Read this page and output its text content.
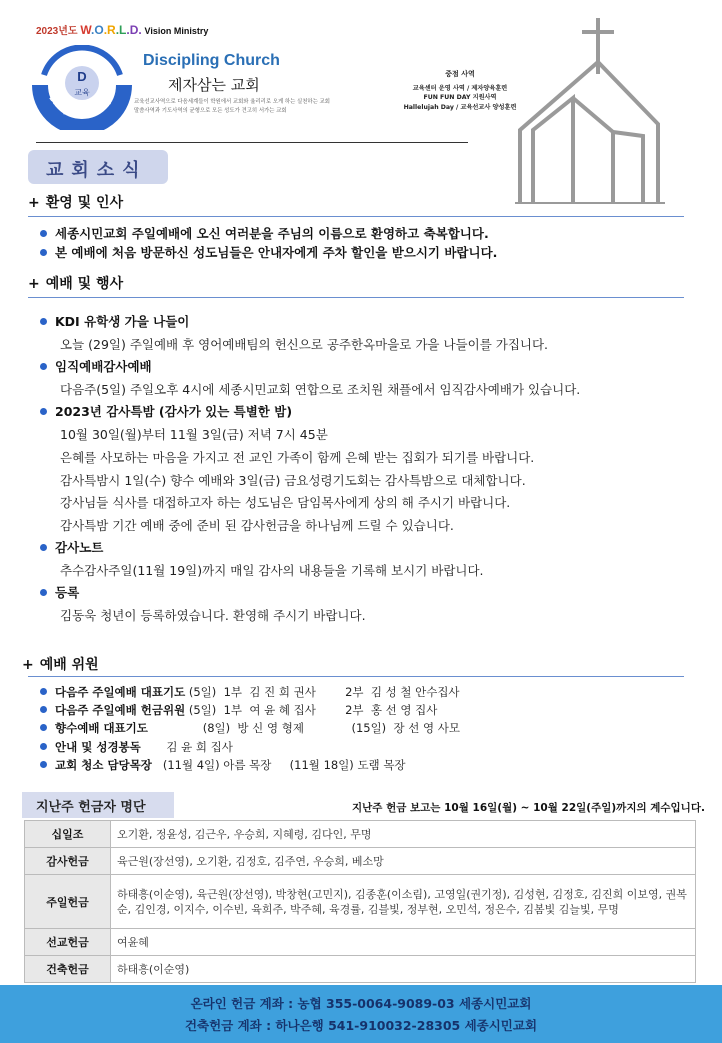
2023년도 W.O.R.L.D. Vision Ministry
D
교육
Discipling Church
Discipling Church
제자삼는 교회
교육선교사역으로 다음세계들이 학원에서 교회와 율리리로 오게 하는 실천하는 교회
말씀사역과 기도사역의 균형으로 모든 성도가 견고히 서가는 교회
중점 사역
교육센터 운영 사역 / 제자양육훈련
FUN FUN DAY 지원사역
Hallelujah Day / 교육선교사 양성훈련
교회소식
+ 환영 및 인사
세종시민교회 주일예배에 오신 여러분을 주님의 이름으로 환영하고 축복합니다.
본 예배에 처음 방문하신 성도님들은 안내자에게 주차 할인을 받으시기 바랍니다.
+ 예배 및 행사
KDI 유학생 가을 나들이
오늘 (29일) 주일예배 후 영어예배팀의 헌신으로 공주한옥마을로 가을 나들이를 가집니다.
임직예배감사예배
다음주(5일) 주일오후 4시에 세종시민교회 연합으로 조치원 채플에서 임직감사예배가 있습니다.
2023년 감사특밤 (감사가 있는 특별한 밤)
10월 30일(월)부터 11월 3일(금) 저녁 7시 45분
은혜를 사모하는 마음을 가지고 전 교인 가족이 함께 은혜 받는 집회가 되기를 바랍니다.
감사특밤시 1일(수) 향수 예배와 3일(금) 금요성령기도회는 감사특밤으로 대체합니다.
강사님들 식사를 대접하고자 하는 성도님은 담임목사에게 상의 해 주시기 바랍니다.
감사특밤 기간 예배 중에 준비 된 감사헌금을 하나님께 드릴 수 있습니다.
감사노트
추수감사주일(11월 19일)까지 매일 감사의 내용들을 기록해 보시기 바랍니다.
등록
김동욱 청년이 등록하였습니다. 환영해 주시기 바랍니다.
+ 예배 위원
다음주 주일예배 대표기도 (5일)  1부  김 진 희 권사        2부  김 성 철 안수집사
다음주 주일예배 헌금위원 (5일)  1부  여 윤 혜 집사        2부  홍 선 영 집사
향수예배 대표기도               (8일)  방 신 영 형제             (15일)  장 선 영 사모
안내 및 성경봉독       김 윤 희 집사
교회 청소 담당목장   (11월 4일) 아름 목장     (11월 18일) 도램 목장
지난주 헌금자 명단	지난주 헌금 보고는 10월 16일(월) ~ 10월 22일(주일)까지의 계수입니다.
십일조	오기환, 정윤성, 김근우, 우승희, 지혜령, 김다인, 무명
감사헌금	육근원(장선영), 오기환, 김정호, 김주연, 우승희, 베소망
주일헌금	하태흥(이순영), 육근원(장선영), 박창현(고민지), 김종훈(이소림), 고영일(권기정), 김성현, 김정호, 김진희 이보영, 권복순, 김인경, 이지수, 이수빈, 육희주, 박주혜, 육경률, 김블빛, 정부현, 오민석, 정은수, 김봄빛 김늘빛, 무명
선교헌금	여윤혜
건축헌금	하태흥(이순영)
온라인 헌금 계좌 : 농협 355-0064-9089-03 세종시민교회
건축헌금 계좌 : 하나은행 541-910032-28305 세종시민교회
